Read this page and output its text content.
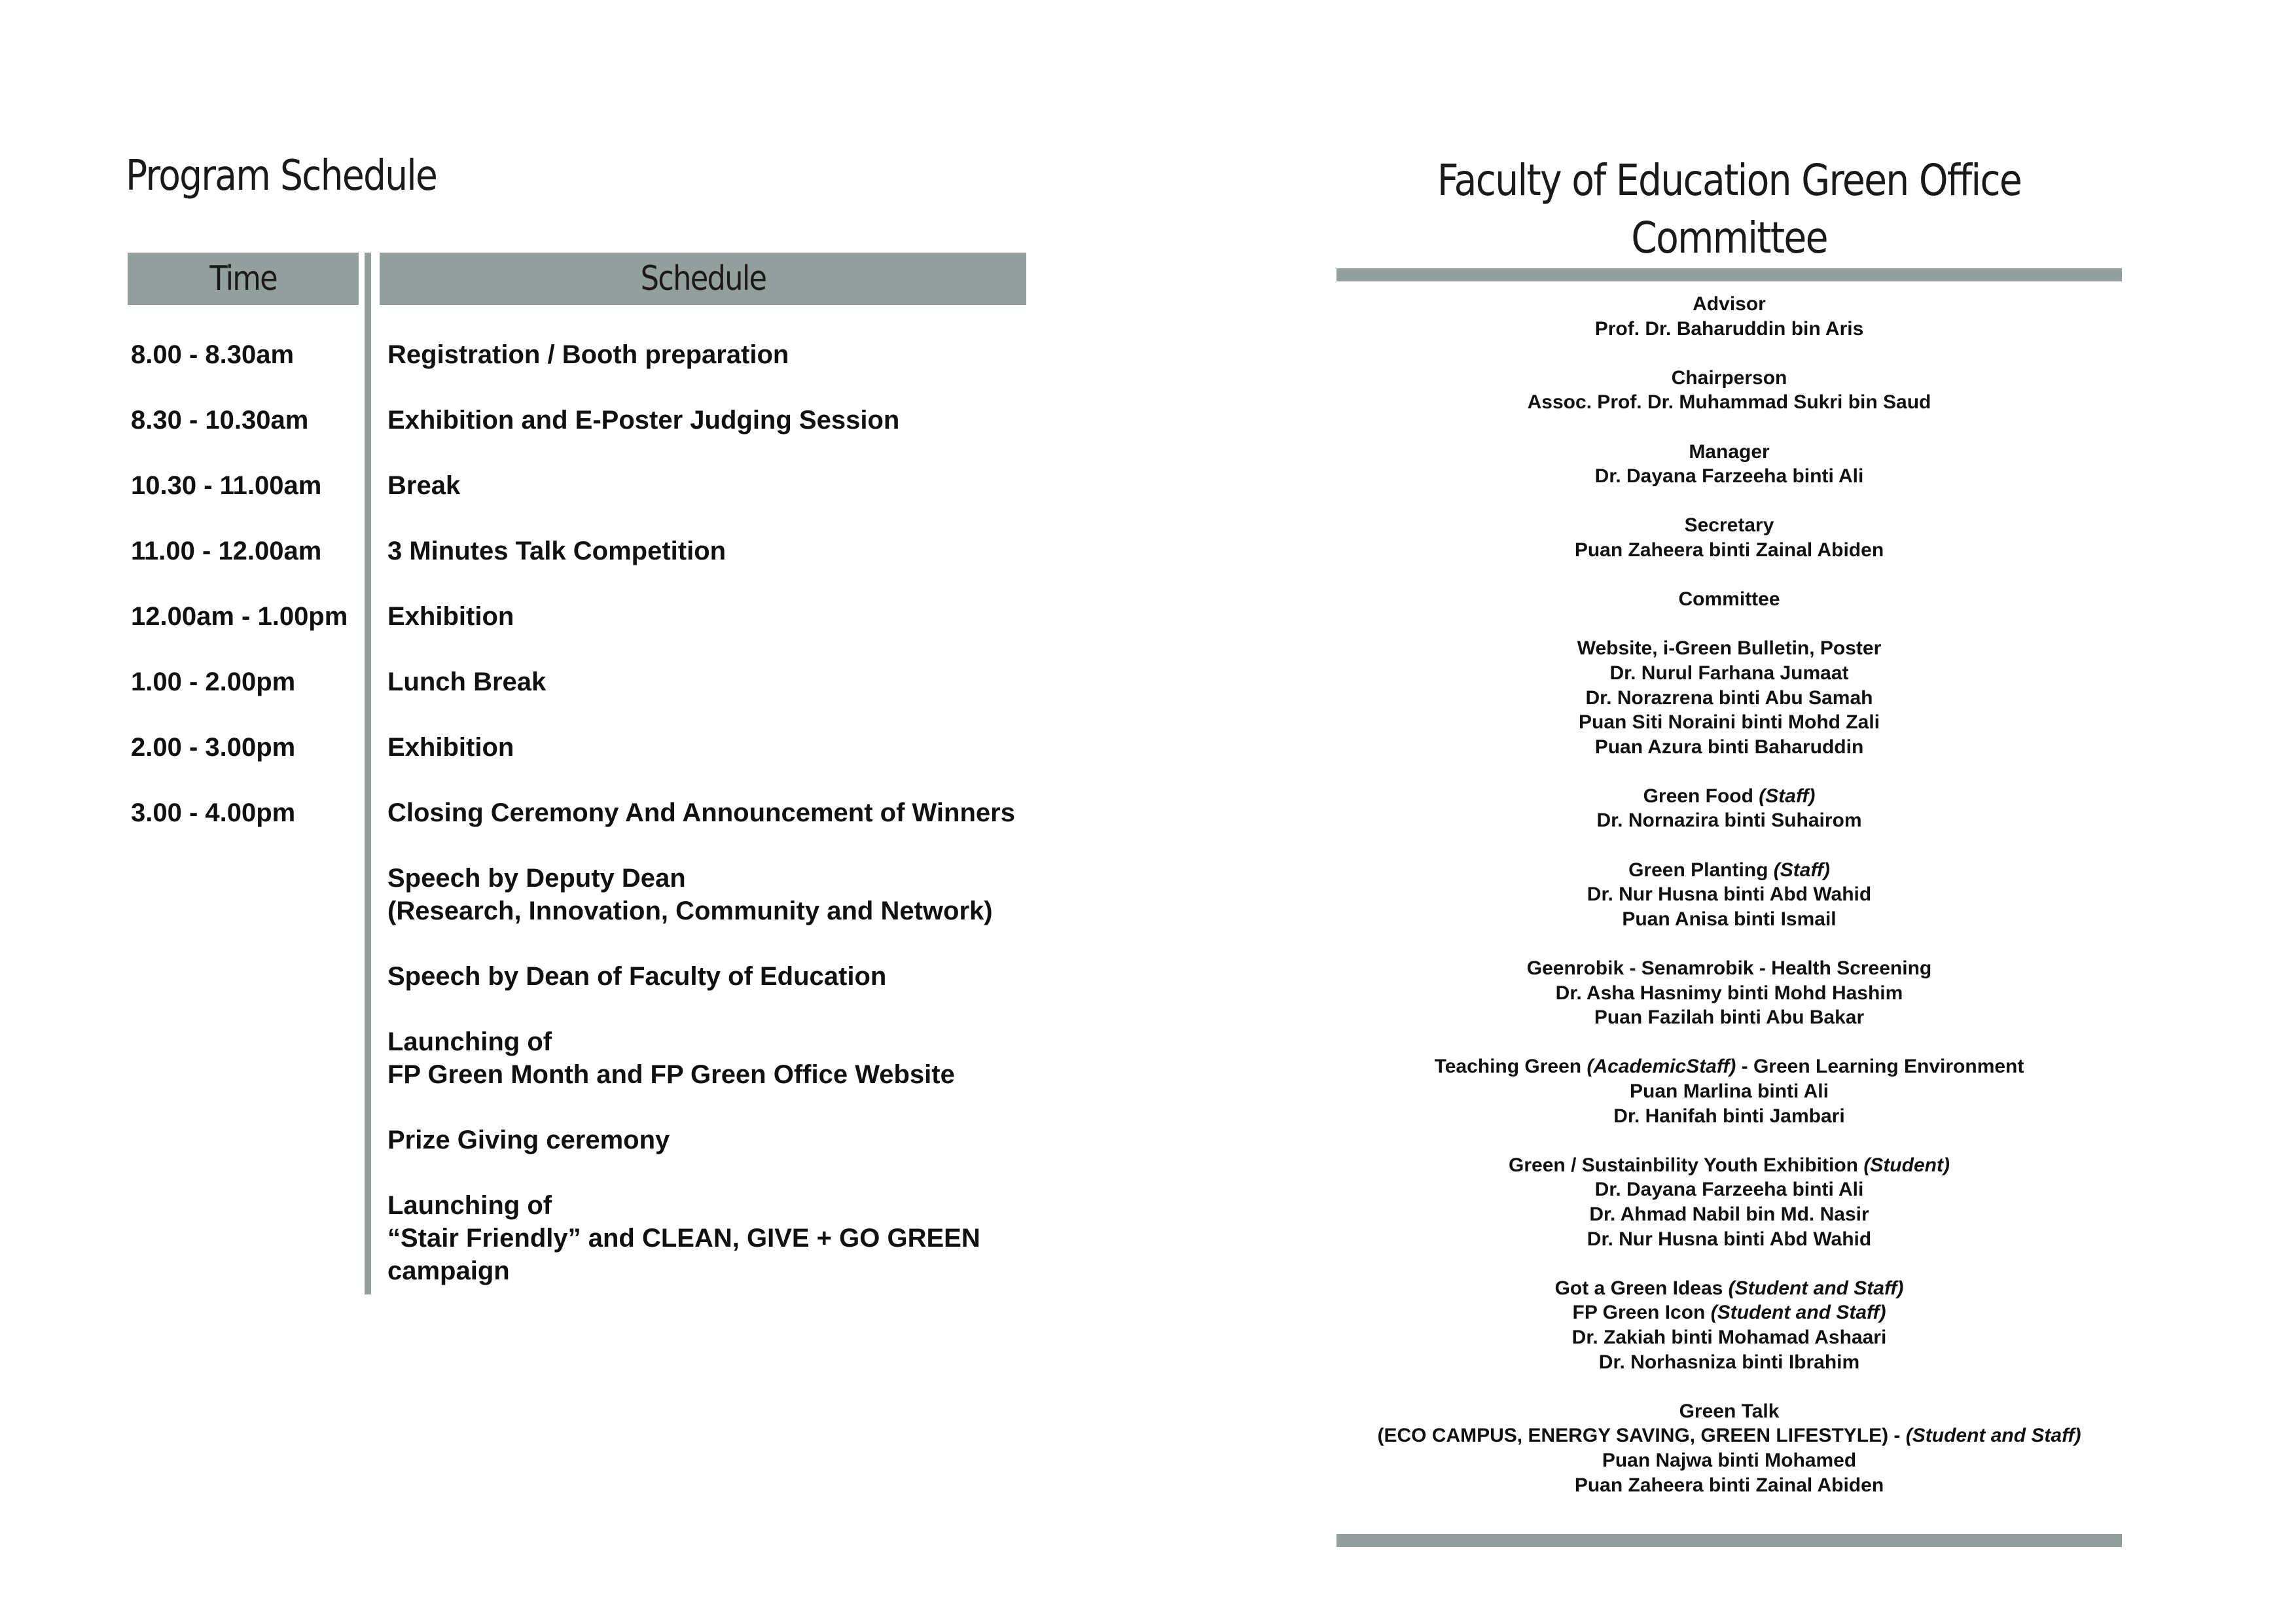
Program Schedule
Time	Schedule
8.00 - 8.30am	Registration / Booth preparation
8.30 - 10.30am	Exhibition and E-Poster Judging Session
10.30 - 11.00am	Break
11.00 - 12.00am	3 Minutes Talk Competition
12.00am - 1.00pm Exhibition
1.00 - 2.00pm	Lunch Break
2.00 - 3.00pm	Exhibition
3.00 - 4.00pm	Closing Ceremony And Announcement of Winners
Speech by Deputy Dean
(Research, Innovation, Community and Network)
Speech by Dean of Faculty of Education
Launching of
FP Green Month and FP Green Office Website
Prize Giving ceremony
Launching of
“Stair Friendly” and CLEAN, GIVE + GO GREEN
campaign
Faculty of Education Green Office
Committee
Advisor
Prof. Dr. Baharuddin bin Aris
Chairperson
Assoc. Prof. Dr. Muhammad Sukri bin Saud
Manager
Dr. Dayana Farzeeha binti Ali
Secretary
Puan Zaheera binti Zainal Abiden
Committee
Website, i-Green Bulletin, Poster
Dr. Nurul Farhana Jumaat
Dr. Norazrena binti Abu Samah
Puan Siti Noraini binti Mohd Zali
Puan Azura binti Baharuddin
Green Food (Staff)
Dr. Nornazira binti Suhairom
Green Planting (Staff)
Dr. Nur Husna binti Abd Wahid
Puan Anisa binti Ismail
Geenrobik - Senamrobik - Health Screening
Dr. Asha Hasnimy binti Mohd Hashim
Puan Fazilah binti Abu Bakar
Teaching Green (AcademicStaff) - Green Learning Environment
Puan Marlina binti Ali
Dr. Hanifah binti Jambari
Green / Sustainbility Youth Exhibition (Student)
Dr. Dayana Farzeeha binti Ali
Dr. Ahmad Nabil bin Md. Nasir
Dr. Nur Husna binti Abd Wahid
Got a Green Ideas (Student and Staff)
FP Green Icon (Student and Staff)
Dr. Zakiah binti Mohamad Ashaari
Dr. Norhasniza binti Ibrahim
Green Talk
(ECO CAMPUS, ENERGY SAVING, GREEN LIFESTYLE) - (Student and Staff)
Puan Najwa binti Mohamed
Puan Zaheera binti Zainal Abiden
